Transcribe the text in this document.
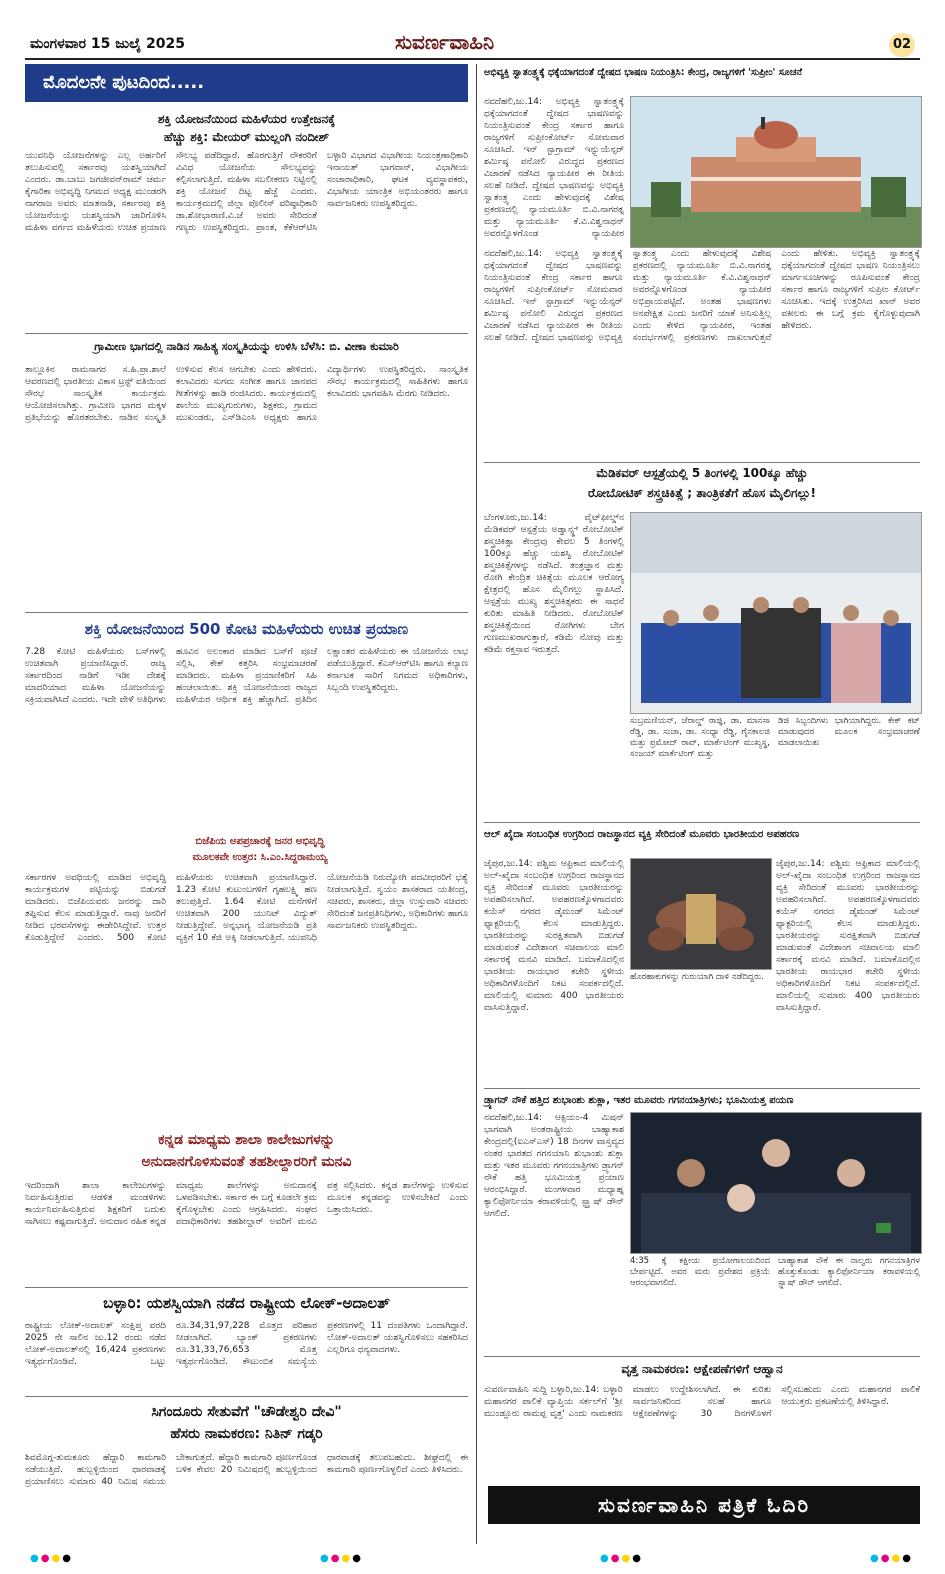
ಮಂಗಳವಾರ 15 ಜುಲೈ 2025	ಸುವರ್ಣವಾಹಿನಿ	02
ಮೊದಲನೇ ಪುಟದಿಂದ.....
ಶಕ್ತಿ ಯೋಜನೆಯಿಂದ ಮಹಿಳೆಯರ ಉತ್ತೇಜನಕ್ಕೆ
ಹೆಚ್ಚು ಶಕ್ತಿ: ಮೇಯರ್ ಮುಲ್ಲಂಗಿ ನಂದೀಶ್
ಯುವನಿಧಿ ಯೋಜನೆಗಳನ್ನು ಎಲ್ಲ ಅರ್ಹರಿಗೆ ತಲುಪಿಸುವಲ್ಲಿ ಸರ್ಕಾರವು ಯಶಸ್ವಿಯಾಗಿದೆ ಎಂದರು. ಡಾ.ಬಾಬು ಜಗಜೀವನ್‌ರಾಮ್ ಚರ್ಮ ಕೈಗಾರಿಕಾ ಅಭಿವೃದ್ಧಿ ನಿಗಮದ ಅಧ್ಯಕ್ಷ ಮುಂಡರಗಿ ನಾಗರಾಜ ಅವರು ಮಾತನಾಡಿ, ಸರ್ಕಾರವು ಶಕ್ತಿ ಯೋಜನೆಯನ್ನು ಯಶಸ್ವಿಯಾಗಿ ಜಾರಿಗೊಳಿಸಿ ಮಹಿಳಾ ವರ್ಗದ ಮಹಿಳೆಯರು ಉಚಿತ ಪ್ರಯಾಣ ಸೌಲಭ್ಯ ಪಡೆದಿದ್ದಾರೆ. ಹೊರಗುತ್ತಿಗೆ ನೌಕರರಿಗೆ ವಿವಿಧ ಯೋಜನೆಯ ಸೌಲಭ್ಯವನ್ನು ಕಲ್ಪಿಸಲಾಗುತ್ತಿದೆ. ಮಹಿಳಾ ಸಬಲೀಕರಣ ನಿಟ್ಟಿನಲ್ಲಿ ಶಕ್ತಿ ಯೋಜನೆ ದಿಟ್ಟ ಹೆಜ್ಜೆ ಎಂದರು. ಕಾರ್ಯಕ್ರಮದಲ್ಲಿ ಜಿಲ್ಲಾ ಪೊಲೀಸ್ ವರಿಷ್ಠಾಧಿಕಾರಿ ಡಾ.ಶೋಭಾರಾಣಿ.ವಿ.ಜೆ ಅವರು ಸೇರಿದಂತೆ ಗಣ್ಯರು ಉಪಸ್ಥಿತರಿದ್ದರು. ಪ್ರಾಂತ, ಕೆಕೆಆರ್‌ಟಿಸಿ ಬಳ್ಳಾರಿ ವಿಭಾಗದ ವಿಭಾಗೀಯ ನಿಯಂತ್ರಣಾಧಿಕಾರಿ ಇನಾಯತ್ ಭಾಗವಾನ್, ವಿಭಾಗೀಯ ಸಂಚಾರಾಧಿಕಾರಿ, ಘಟಕ ವ್ಯವಸ್ಥಾಪಕರು, ವಿಭಾಗೀಯ ಯಾಂತ್ರಿಕ ಅಭಿಯಂತರರು ಹಾಗೂ ಸಾರ್ವಜನಿಕರು ಉಪಸ್ಥಿತರಿದ್ದರು.
ಗ್ರಾಮೀಣ ಭಾಗದಲ್ಲಿ ನಾಡಿನ ಸಾಹಿತ್ಯ ಸಂಸ್ಕೃತಿಯನ್ನು ಉಳಿಸಿ ಬೆಳೆಸಿ: ಬಿ. ವೀಣಾ ಕುಮಾರಿ
ತಾಲ್ಲೂಕಿನ ರಾಮಸಾಗರ ಸ.ಹಿ.ಪ್ರಾ.ಶಾಲೆ ಆವರಣದಲ್ಲಿ ಭಾರತೀಯ ವಿಕಾಸ ಟ್ರಸ್ಟ್ ವತಿಯಿಂದ ಸೌರಭ ಸಾಂಸ್ಕೃತಿಕ ಕಾರ್ಯಕ್ರಮ ಆಯೋಜಿಸಲಾಗಿತ್ತು. ಗ್ರಾಮೀಣ ಭಾಗದ ಮಕ್ಕಳ ಪ್ರತಿಭೆಯನ್ನು ಹೊರತರಬೇಕು. ನಾಡಿನ ಸಂಸ್ಕೃತಿ ಉಳಿಸುವ ಕೆಲಸ ಆಗಬೇಕು ಎಂದು ಹೇಳಿದರು. ಕಲಾವಿದರು ಸುಗಮ ಸಂಗೀತ ಹಾಗೂ ಜಾನಪದ ಗೀತೆಗಳನ್ನು ಹಾಡಿ ರಂಜಿಸಿದರು. ಕಾರ್ಯಕ್ರಮದಲ್ಲಿ ಶಾಲೆಯ ಮುಖ್ಯಗುರುಗಳು, ಶಿಕ್ಷಕರು, ಗ್ರಾಮದ ಮುಖಂಡರು, ಎಸ್‌ಡಿಎಂಸಿ ಅಧ್ಯಕ್ಷರು ಹಾಗೂ ವಿದ್ಯಾರ್ಥಿಗಳು ಉಪಸ್ಥಿತರಿದ್ದರು. ಸಾಂಸ್ಕೃತಿಕ ಸೌರಭ ಕಾರ್ಯಕ್ರಮದಲ್ಲಿ ಸಾಹಿತಿಗಳು ಹಾಗೂ ಕಲಾವಿದರು ಭಾಗವಹಿಸಿ ಮೆರಗು ನೀಡಿದರು.
ಶಕ್ತಿ ಯೋಜನೆಯಿಂದ 500 ಕೋಟಿ ಮಹಿಳೆಯರು ಉಚಿತ ಪ್ರಯಾಣ
7.28 ಕೋಟಿ ಮಹಿಳೆಯರು ಬಸ್‌ಗಳಲ್ಲಿ ಉಚಿತವಾಗಿ ಪ್ರಯಾಣಿಸಿದ್ದಾರೆ. ರಾಜ್ಯ ಸರ್ಕಾರದಿಂದ ನಾಡಿಗೆ ಇಡೀ ದೇಶಕ್ಕೆ ಮಾದರಿಯಾದ ಮಹಿಳಾ ಯೋಜನೆಯನ್ನು ಸಕ್ರಿಯವಾಗಿಸಿದೆ ಎಂದರು. ಇದೇ ವೇಳೆ ಅತಿಥಿಗಳು ಹೂವಿನ ಅಲಂಕಾರ ಮಾಡಿದ ಬಸ್‌ಗೆ ಪೂಜೆ ಸಲ್ಲಿಸಿ, ಕೇಕ್ ಕತ್ತರಿಸಿ ಸಂಭ್ರಮಾಚರಣೆ ಮಾಡಿದರು. ಮಹಿಳಾ ಪ್ರಯಾಣಿಕರಿಗೆ ಸಿಹಿ ಹಂಚಲಾಯಿತು. ಶಕ್ತಿ ಯೋಜನೆಯಿಂದ ರಾಜ್ಯದ ಮಹಿಳೆಯರ ಆರ್ಥಿಕ ಶಕ್ತಿ ಹೆಚ್ಚಾಗಿದೆ. ಪ್ರತಿದಿನ ಲಕ್ಷಾಂತರ ಮಹಿಳೆಯರು ಈ ಯೋಜನೆಯ ಲಾಭ ಪಡೆಯುತ್ತಿದ್ದಾರೆ. ಕೆಎಸ್‌ಆರ್‌ಟಿಸಿ ಹಾಗೂ ಕಲ್ಯಾಣ ಕರ್ನಾಟಕ ಸಾರಿಗೆ ನಿಗಮದ ಅಧಿಕಾರಿಗಳು, ಸಿಬ್ಬಂದಿ ಉಪಸ್ಥಿತರಿದ್ದರು.
ಬಿಜೆಪಿಯ ಅಪಪ್ರಚಾರಕ್ಕೆ ಜನರ ಅಭಿವೃದ್ಧಿ
ಮೂಲಕವೇ ಉತ್ತರ: ಸಿ.ಎಂ.ಸಿದ್ದರಾಮಯ್ಯ
ಸರ್ಕಾರಗಳ ಅವಧಿಯಲ್ಲಿ ಮಾಡಿದ ಅಭಿವೃದ್ಧಿ ಕಾರ್ಯಕ್ರಮಗಳ ಪಟ್ಟಿಯನ್ನು ಬಿಡುಗಡೆ ಮಾಡಿದರು. ಬಿಜೆಪಿಯವರು ಜನರನ್ನು ದಾರಿ ತಪ್ಪಿಸುವ ಕೆಲಸ ಮಾಡುತ್ತಿದ್ದಾರೆ. ನಾವು ಜನರಿಗೆ ನೀಡಿದ ಭರವಸೆಗಳನ್ನು ಈಡೇರಿಸಿದ್ದೇವೆ. ಉತ್ತರ ಕೊಡುತ್ತಿದ್ದೇನೆ ಎಂದರು. 500 ಕೋಟಿ ಮಹಿಳೆಯರು ಉಚಿತವಾಗಿ ಪ್ರಯಾಣಿಸಿದ್ದಾರೆ. 1.23 ಕೋಟಿ ಕುಟುಂಬಗಳಿಗೆ ಗೃಹಲಕ್ಷ್ಮಿ ಹಣ ತಲುಪುತ್ತಿದೆ. 1.64 ಕೋಟಿ ಮನೆಗಳಿಗೆ ಉಚಿತವಾಗಿ 200 ಯುನಿಟ್ ವಿದ್ಯುತ್ ನೀಡುತ್ತಿದ್ದೇವೆ. ಅನ್ನಭಾಗ್ಯ ಯೋಜನೆಯಡಿ ಪ್ರತಿ ವ್ಯಕ್ತಿಗೆ 10 ಕೆಜಿ ಅಕ್ಕಿ ನೀಡಲಾಗುತ್ತಿದೆ. ಯುವನಿಧಿ ಯೋಜನೆಯಡಿ ನಿರುದ್ಯೋಗಿ ಪದವೀಧರರಿಗೆ ಭತ್ಯೆ ನೀಡಲಾಗುತ್ತಿದೆ. ಸ್ವಯಂ ಶಾಸಕರಾದ ಯತೀಂದ್ರ, ಸಚಿವರು, ಶಾಸಕರು, ಜಿಲ್ಲಾ ಉಸ್ತುವಾರಿ ಸಚಿವರು ಸೇರಿದಂತೆ ಜನಪ್ರತಿನಿಧಿಗಳು, ಅಧಿಕಾರಿಗಳು ಹಾಗೂ ಸಾರ್ವಜನಿಕರು ಉಪಸ್ಥಿತರಿದ್ದರು.
ಕನ್ನಡ ಮಾಧ್ಯಮ ಶಾಲಾ ಕಾಲೇಜುಗಳನ್ನು
ಅನುದಾನಗೊಳಿಸುವಂತೆ ತಹಶೀಲ್ದಾರರಿಗೆ ಮನವಿ
ಇದರಿಂದಾಗಿ ಶಾಲಾ ಕಾಲೇಜುಗಳನ್ನು ನಿರ್ವಹಿಸುತ್ತಿರುವ ಆಡಳಿತ ಮಂಡಳಿಗಳು ಕಾರ್ಯನಿರ್ವಹಿಸುತ್ತಿರುವ ಶಿಕ್ಷಕರಿಗೆ ಬದುಕು ಸಾಗಿಸಲು ಕಷ್ಟವಾಗುತ್ತಿದೆ. ಅನುದಾನ ರಹಿತ ಕನ್ನಡ ಮಾಧ್ಯಮ ಶಾಲೆಗಳನ್ನು ಅನುದಾನಕ್ಕೆ ಒಳಪಡಿಸಬೇಕು. ಸರ್ಕಾರ ಈ ಬಗ್ಗೆ ಕೂಡಲೇ ಕ್ರಮ ಕೈಗೊಳ್ಳಬೇಕು ಎಂದು ಆಗ್ರಹಿಸಿದರು. ಸಂಘದ ಪದಾಧಿಕಾರಿಗಳು ತಹಶೀಲ್ದಾರ್ ಅವರಿಗೆ ಮನವಿ ಪತ್ರ ಸಲ್ಲಿಸಿದರು. ಕನ್ನಡ ಶಾಲೆಗಳನ್ನು ಉಳಿಸುವ ಮೂಲಕ ಕನ್ನಡವನ್ನು ಉಳಿಸಬೇಕಿದೆ ಎಂದು ಒತ್ತಾಯಿಸಿದರು.
ಬಳ್ಳಾರಿ: ಯಶಸ್ವಿಯಾಗಿ ನಡೆದ ರಾಷ್ಟ್ರೀಯ ಲೋಕ್-ಅದಾಲತ್
ರಾಷ್ಟ್ರೀಯ ಲೋಕ್-ಅದಾಲತ್ ಸಂಕ್ಷಿಪ್ತ ವರದಿ 2025 ನೇ ಸಾಲಿನ ಜು.12 ರಂದು ನಡೆದ ಲೋಕ್-ಅದಾಲತ್‌ನಲ್ಲಿ 16,424 ಪ್ರಕರಣಗಳು ಇತ್ಯರ್ಥಗೊಂಡಿವೆ. ಒಟ್ಟು ರೂ.34,31,97,228 ಮೊತ್ತದ ಪರಿಹಾರ ನೀಡಲಾಗಿದೆ. ಬ್ಯಾಂಕ್ ಪ್ರಕರಣಗಳು ರೂ.31,33,76,653 ಮೊತ್ತ ಇತ್ಯರ್ಥಗೊಂಡಿದೆ. ಕೌಟುಂಬಿಕ ಸಮಸ್ಯೆಯ ಪ್ರಕರಣಗಳಲ್ಲಿ 11 ದಂಪತಿಗಳು ಒಂದಾಗಿದ್ದಾರೆ. ಲೋಕ್-ಅದಾಲತ್ ಯಶಸ್ವಿಗೊಳಿಸಲು ಸಹಕರಿಸಿದ ಎಲ್ಲರಿಗೂ ಧನ್ಯವಾದಗಳು.
ಸಿಗಂದೂರು ಸೇತುವೆಗೆ "ಚೌಡೇಶ್ವರಿ ದೇವಿ"
ಹೆಸರು ನಾಮಕರಣ: ನಿತಿನ್ ಗಡ್ಕರಿ
ಶಿವಮೊಗ್ಗ-ತುಮಕೂರು ಹೆದ್ದಾರಿ ಕಾಮಗಾರಿ ನಡೆಯುತ್ತಿದೆ. ಹುಬ್ಬಳ್ಳಿಯಿಂದ ಧಾರವಾಡಕ್ಕೆ ಪ್ರಯಾಣಿಸಲು ಸುಮಾರು 40 ನಿಮಿಷ ಸಮಯ ಬೇಕಾಗುತ್ತದೆ. ಹೆದ್ದಾರಿ ಕಾಮಗಾರಿ ಪೂರ್ಣಗೊಂಡ ಬಳಿಕ ಕೇವಲ 20 ನಿಮಿಷದಲ್ಲಿ ಹುಬ್ಬಳ್ಳಿಯಿಂದ ಧಾರವಾಡಕ್ಕೆ ತಲುಪಬಹುದು. ಶೀಘ್ರದಲ್ಲಿ ಈ ಕಾಮಗಾರಿ ಪೂರ್ಣಗೊಳ್ಳಲಿದೆ ಎಂದು ತಿಳಿಸಿದರು.
ಅಭಿವ್ಯಕ್ತಿ ಸ್ವಾತಂತ್ರ್ಯಕ್ಕೆ ಧಕ್ಕೆಯಾಗದಂತೆ ದ್ವೇಷದ ಭಾಷಣ ನಿಯಂತ್ರಿಸಿ: ಕೇಂದ್ರ, ರಾಜ್ಯಗಳಿಗೆ 'ಸುಪ್ರೀಂ' ಸೂಚನೆ
ನವದೆಹಲಿ,ಜು.14: ಅಭಿವ್ಯಕ್ತಿ ಸ್ವಾತಂತ್ರ್ಯಕ್ಕೆ ಧಕ್ಕೆಯಾಗದಂತೆ ದ್ವೇಷದ ಭಾಷಣವನ್ನು ನಿಯಂತ್ರಿಸುವಂತೆ ಕೇಂದ್ರ ಸರ್ಕಾರ ಹಾಗೂ ರಾಜ್ಯಗಳಿಗೆ ಸುಪ್ರೀಂಕೋರ್ಟ್ ಸೋಮವಾರ ಸೂಚಿಸಿದೆ. ಇನ್ ಸ್ಟಾಗ್ರಾಮ್ ಇನ್ಫ್ಲುಯೆನ್ಸರ್ ಶರ್ಮಿಷ್ಠ ಪನೋಲಿ ವಿರುದ್ಧದ ಪ್ರಕರಣದ ವಿಚಾರಣೆ ನಡೆಸಿದ ನ್ಯಾಯಪೀಠ ಈ ರೀತಿಯ ಸಲಹೆ ನೀಡಿದೆ. ದ್ವೇಷದ ಭಾಷಣವನ್ನು ಅಭಿವ್ಯಕ್ತಿ ಸ್ವಾತಂತ್ರ್ಯ ಎಂದು ಹೇಳುವುದಕ್ಕೆ ವಿಶೇಷ ಪ್ರಕರಣದಲ್ಲಿ ನ್ಯಾಯಮೂರ್ತಿ ಬಿ.ವಿ.ನಾಗರತ್ನ ಮತ್ತು ನ್ಯಾಯಮೂರ್ತಿ ಕೆ.ವಿ.ವಿಶ್ವನಾಥನ್ ಅವರನ್ನೊಳಗೊಂಡ ನ್ಯಾಯಪೀಠ
ನವದೆಹಲಿ,ಜು.14: ಅಭಿವ್ಯಕ್ತಿ ಸ್ವಾತಂತ್ರ್ಯಕ್ಕೆ ಧಕ್ಕೆಯಾಗದಂತೆ ದ್ವೇಷದ ಭಾಷಣವನ್ನು ನಿಯಂತ್ರಿಸುವಂತೆ ಕೇಂದ್ರ ಸರ್ಕಾರ ಹಾಗೂ ರಾಜ್ಯಗಳಿಗೆ ಸುಪ್ರೀಂಕೋರ್ಟ್ ಸೋಮವಾರ ಸೂಚಿಸಿದೆ. ಇನ್ ಸ್ಟಾಗ್ರಾಮ್ ಇನ್ಫ್ಲುಯೆನ್ಸರ್ ಶರ್ಮಿಷ್ಠ ಪನೋಲಿ ವಿರುದ್ಧದ ಪ್ರಕರಣದ ವಿಚಾರಣೆ ನಡೆಸಿದ ನ್ಯಾಯಪೀಠ ಈ ರೀತಿಯ ಸಲಹೆ ನೀಡಿದೆ. ದ್ವೇಷದ ಭಾಷಣವನ್ನು ಅಭಿವ್ಯಕ್ತಿ ಸ್ವಾತಂತ್ರ್ಯ ಎಂದು ಹೇಳುವುದಕ್ಕೆ ವಿಶೇಷ ಪ್ರಕರಣದಲ್ಲಿ ನ್ಯಾಯಮೂರ್ತಿ ಬಿ.ವಿ.ನಾಗರತ್ನ ಮತ್ತು ನ್ಯಾಯಮೂರ್ತಿ ಕೆ.ವಿ.ವಿಶ್ವನಾಥನ್ ಅವರನ್ನೊಳಗೊಂಡ ನ್ಯಾಯಪೀಠ ಅಭಿಪ್ರಾಯಪಟ್ಟಿದೆ. ಅಂತಹ ಭಾಷಣಗಳು ಅನಪೇಕ್ಷಿತ ಎಂದು ಜನರಿಗೆ ಯಾಕೆ ಅನಿಸುತ್ತಿಲ್ಲ ಎಂದು ಕೇಳಿದ ನ್ಯಾಯಪೀಠ, ಇಂತಹ ಸಂದರ್ಭಗಳಲ್ಲಿ ಪ್ರಕರಣಗಳು ದಾಖಲಾಗುತ್ತವೆ ಎಂದು ಹೇಳಿತು. ಅಭಿವ್ಯಕ್ತಿ ಸ್ವಾತಂತ್ರ್ಯಕ್ಕೆ ಧಕ್ಕೆಯಾಗದಂತೆ ದ್ವೇಷದ ಭಾಷಣ ನಿಯಂತ್ರಿಸಲು ಮಾರ್ಗಸೂಚಿಗಳನ್ನು ರೂಪಿಸುವಂತೆ ಕೇಂದ್ರ ಸರ್ಕಾರ ಹಾಗೂ ರಾಜ್ಯಗಳಿಗೆ ಸುಪ್ರೀಂ ಕೋರ್ಟ್ ಸೂಚಿಸಿತು. ಇದಕ್ಕೆ ಉತ್ತರಿಸಿದ ಖಾನ್ ಅವರ ವಕೀಲರು ಈ ಬಗ್ಗೆ ಕ್ರಮ ಕೈಗೊಳ್ಳುವುದಾಗಿ ಹೇಳಿದರು.
ಮೆಡಿಕವರ್ ಆಸ್ಪತ್ರೆಯಲ್ಲಿ 5 ತಿಂಗಳಲ್ಲಿ 100ಕ್ಕೂ ಹೆಚ್ಚು
ರೋಬೋಟಿಕ್ ಶಸ್ತ್ರಚಿಕಿತ್ಸೆ ; ತಾಂತ್ರಿಕತೆಗೆ ಹೊಸ ಮೈಲಿಗಲ್ಲು!
ಬೆಂಗಳೂರು,ಜು.14: ವೈಟ್‌ಫೀಲ್ಡ್‌ನ ಮೆಡಿಕವರ್ ಆಸ್ಪತ್ರೆಯ ಅಡ್ವಾನ್ಸ್ಡ್ ರೋಬೋಟಿಕ್ ಶಸ್ತ್ರಚಿಕಿತ್ಸಾ ಕೇಂದ್ರವು ಕೇವಲ 5 ತಿಂಗಳಲ್ಲಿ 100ಕ್ಕೂ ಹೆಚ್ಚು ಯಶಸ್ವಿ ರೋಬೋಟಿಕ್ ಶಸ್ತ್ರಚಿಕಿತ್ಸೆಗಳನ್ನು ನಡೆಸಿದೆ. ತಂತ್ರಜ್ಞಾನ ಮತ್ತು ರೋಗಿ ಕೇಂದ್ರಿತ ಚಿಕಿತ್ಸೆಯ ಮೂಲಕ ಆರೋಗ್ಯ ಕ್ಷೇತ್ರದಲ್ಲಿ ಹೊಸ ಮೈಲಿಗಲ್ಲು ಸ್ಥಾಪಿಸಿದೆ. ಆಸ್ಪತ್ರೆಯ ಮುಖ್ಯ ಶಸ್ತ್ರಚಿಕಿತ್ಸಕರು ಈ ಸಾಧನೆ ಕುರಿತು ಮಾಹಿತಿ ನೀಡಿದರು. ರೋಬೋಟಿಕ್ ಶಸ್ತ್ರಚಿಕಿತ್ಸೆಯಿಂದ ರೋಗಿಗಳು ಬೇಗ ಗುಣಮುಖರಾಗುತ್ತಾರೆ, ಕಡಿಮೆ ನೋವು ಮತ್ತು ಕಡಿಮೆ ರಕ್ತಸ್ರಾವ ಇರುತ್ತದೆ.
ಸುಬ್ರಮಣಿಯನ್, ಜೆರಾಲ್ಡ್ ರಾಜ್ಞಿ, ಡಾ. ಮಾನಸಾ ರೆಡ್ಡಿ, ಡಾ. ಸುಜಾ, ಡಾ. ಸಂಧ್ಯಾ ರೆಡ್ಡಿ, ಗೈನಕಾಲಜಿ ಮತ್ತು ಪ್ರಮೋದ್ ರಾವ್, ಮಾರ್ಕೆಟಿಂಗ್ ಮುಖ್ಯಸ್ಥ, ಸಂಜಯ್ ಮಾರ್ಕೆಟಿಂಗ್ ಮತ್ತು
ಡಿಜಿ ಸಿಬ್ಬಂದಿಗಳು ಭಾಗಿಯಾಗಿದ್ದರು. ಕೇಕ್ ಕಟ್ ಮಾಡುವುದರ ಮೂಲಕ ಸಂಭ್ರಮಾಚರಣೆ ಮಾಡಲಾಯಿತು
ಆಲ್ ಖೈದಾ ಸಂಬಂಧಿತ ಉಗ್ರರಿಂದ ರಾಜಸ್ಥಾನದ ವ್ಯಕ್ತಿ ಸೇರಿದಂತೆ ಮೂವರು ಭಾರತೀಯರ ಅಪಹರಣ
ಜೈಪುರ,ಜು.14: ಪಶ್ಚಿಮ ಆಫ್ರಿಕಾದ ಮಾಲಿಯಲ್ಲಿ ಅಲ್-ಖೈದಾ ಸಂಬಂಧಿತ ಉಗ್ರರಿಂದ ರಾಜಸ್ಥಾನದ ವ್ಯಕ್ತಿ ಸೇರಿದಂತೆ ಮೂವರು ಭಾರತೀಯರನ್ನು ಅಪಹರಿಸಲಾಗಿದೆ. ಅಪಹರಣಕ್ಕೊಳಗಾದವರು ಕಯೆಸ್ ನಗರದ ಡೈಮಂಡ್ ಸಿಮೆಂಟ್ ಫ್ಯಾಕ್ಟರಿಯಲ್ಲಿ ಕೆಲಸ ಮಾಡುತ್ತಿದ್ದರು. ಭಾರತೀಯರನ್ನು ಸುರಕ್ಷಿತವಾಗಿ ಬಿಡುಗಡೆ ಮಾಡುವಂತೆ ವಿದೇಶಾಂಗ ಸಚಿವಾಲಯ ಮಾಲಿ ಸರ್ಕಾರಕ್ಕೆ ಮನವಿ ಮಾಡಿದೆ. ಬಮಾಕೊದಲ್ಲಿನ ಭಾರತೀಯ ರಾಯಭಾರ ಕಚೇರಿ ಸ್ಥಳೀಯ ಅಧಿಕಾರಿಗಳೊಂದಿಗೆ ನಿಕಟ ಸಂಪರ್ಕದಲ್ಲಿದೆ. ಮಾಲಿಯಲ್ಲಿ ಸುಮಾರು 400 ಭಾರತೀಯರು ವಾಸಿಸುತ್ತಿದ್ದಾರೆ.
ಹೊರಹಾಕುಗಳನ್ನು ಗುರುಯಾಗಿ ದಾಳಿ ನಡೆದಿದ್ದರು.
ಜೈಪುರ,ಜು.14: ಪಶ್ಚಿಮ ಆಫ್ರಿಕಾದ ಮಾಲಿಯಲ್ಲಿ ಅಲ್-ಖೈದಾ ಸಂಬಂಧಿತ ಉಗ್ರರಿಂದ ರಾಜಸ್ಥಾನದ ವ್ಯಕ್ತಿ ಸೇರಿದಂತೆ ಮೂವರು ಭಾರತೀಯರನ್ನು ಅಪಹರಿಸಲಾಗಿದೆ. ಅಪಹರಣಕ್ಕೊಳಗಾದವರು ಕಯೆಸ್ ನಗರದ ಡೈಮಂಡ್ ಸಿಮೆಂಟ್ ಫ್ಯಾಕ್ಟರಿಯಲ್ಲಿ ಕೆಲಸ ಮಾಡುತ್ತಿದ್ದರು. ಭಾರತೀಯರನ್ನು ಸುರಕ್ಷಿತವಾಗಿ ಬಿಡುಗಡೆ ಮಾಡುವಂತೆ ವಿದೇಶಾಂಗ ಸಚಿವಾಲಯ ಮಾಲಿ ಸರ್ಕಾರಕ್ಕೆ ಮನವಿ ಮಾಡಿದೆ. ಬಮಾಕೊದಲ್ಲಿನ ಭಾರತೀಯ ರಾಯಭಾರ ಕಚೇರಿ ಸ್ಥಳೀಯ ಅಧಿಕಾರಿಗಳೊಂದಿಗೆ ನಿಕಟ ಸಂಪರ್ಕದಲ್ಲಿದೆ. ಮಾಲಿಯಲ್ಲಿ ಸುಮಾರು 400 ಭಾರತೀಯರು ವಾಸಿಸುತ್ತಿದ್ದಾರೆ.
ಡ್ರ್ಯಾಗನ್ ನೌಕೆ ಹತ್ತಿದ ಶುಭಾಂಶು ಶುಕ್ಲಾ, ಇತರ ಮೂವರು ಗಗನಯಾತ್ರಿಗಳು; ಭೂಮಿಯತ್ತ ಪಯಣ
ನವದೆಹಲಿ,ಜು.14: ಆಕ್ಸಿಯಂ-4 ಮಿಷನ್ ಭಾಗವಾಗಿ ಅಂತರಾಷ್ಟ್ರೀಯ ಬಾಹ್ಯಾಕಾಶ ಕೇಂದ್ರದಲ್ಲಿ(ಐಎಸ್ಎಸ್) 18 ದಿನಗಳ ವಾಸ್ತವ್ಯದ ನಂತರ ಭಾರತದ ಗಗನಯಾನಿ ಶುಭಾಂಶು ಶುಕ್ಲಾ ಮತ್ತು ಇತರ ಮೂವರು ಗಗನಯಾತ್ರಿಗಳು ಡ್ರ್ಯಾಗನ್ ನೌಕೆ ಹತ್ತಿ ಭೂಮಿಯತ್ತ ಪ್ರಯಾಣ ಆರಂಭಿಸಿದ್ದಾರೆ. ಮಂಗಳವಾರ ಮಧ್ಯಾಹ್ನ ಕ್ಯಾಲಿಫೋರ್ನಿಯಾ ಕರಾವಳಿಯಲ್ಲಿ ಸ್ಪ್ಲ್ಯಾಷ್ ಡೌನ್ ಆಗಲಿದೆ.
4:35 ಕ್ಕೆ ಕಕ್ಷೀಯ ಪ್ರಯೋಗಾಲಯದಿಂದ ಬೇರ್ಪಟ್ಟಿದೆ. ಅವರ ಮರು ಪ್ರವೇಶದ ಪ್ರಕ್ರಿಯೆ ಆರಂಭವಾಗಲಿದೆ.
ಬಾಹ್ಯಾಕಾಶ ನೌಕೆ ಈ ನಾಲ್ವರು ಗಗನಯಾತ್ರಿಗಳ ಹೊತ್ತುಕೊಂಡು ಕ್ಯಾಲಿಫೋರ್ನಿಯಾ ಕರಾವಳಿಯಲ್ಲಿ ಸ್ಪ್ಲಾಷ್ ಡೌನ್ ಆಗಲಿದೆ.
ವೃತ್ತ ನಾಮಕರಣ: ಆಕ್ಷೇಪಣೆಗಳಿಗೆ ಆಹ್ವಾನ
ಸುವರ್ಣವಾಹಿನಿ ಸುದ್ದಿ ಬಳ್ಳಾರಿ,ಜು.14: ಬಳ್ಳಾರಿ ಮಹಾನಗರ ಪಾಲಿಕೆ ವ್ಯಾಪ್ತಿಯ ಸರ್ಕಲ್‌ಗೆ 'ಶ್ರೀ ಮುಂಡ್ಲೂರು ರಾಮಪ್ಪ ವೃತ್ತ' ಎಂದು ನಾಮಕರಣ ಮಾಡಲು ಉದ್ದೇಶಿಸಲಾಗಿದೆ. ಈ ಕುರಿತು ಸಾರ್ವಜನಿಕರಿಂದ ಸಲಹೆ ಹಾಗೂ ಆಕ್ಷೇಪಣೆಗಳನ್ನು 30 ದಿನಗಳೊಳಗೆ ಸಲ್ಲಿಸಬಹುದು ಎಂದು ಮಹಾನಗರ ಪಾಲಿಕೆ ಆಯುಕ್ತರು ಪ್ರಕಟಣೆಯಲ್ಲಿ ತಿಳಿಸಿದ್ದಾರೆ.
ಸುವರ್ಣವಾಹಿನಿ ಪತ್ರಿಕೆ ಓದಿರಿ
●●●●	●●●●	●●●●	●●●●
